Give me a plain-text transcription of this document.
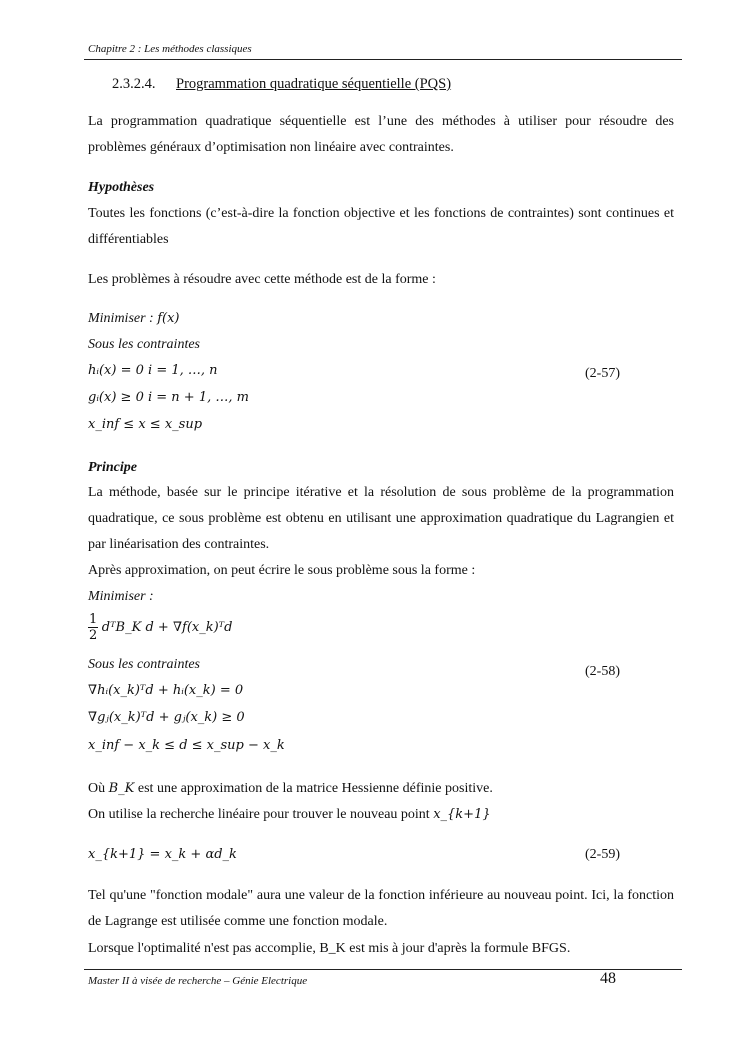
Chapitre 2 : Les méthodes classiques
2.3.2.4. Programmation quadratique séquentielle (PQS)
La programmation quadratique séquentielle est l’une des méthodes à utiliser pour résoudre des problèmes généraux d’optimisation non linéaire avec contraintes.
Hypothèses
Toutes les fonctions (c’est-à-dire la fonction objective et les fonctions de contraintes) sont continues et différentiables
Les problèmes à résoudre avec cette méthode est de la forme :
Minimiser : f(x)
Sous les contraintes
hᵢ(x) = 0 i = 1, …, n	(2-57)
gᵢ(x) ≥ 0 i = n + 1, …, m
x_inf ≤ x ≤ x_sup
Principe
La méthode, basée sur le principe itérative et la résolution de sous problème de la programmation quadratique, ce sous problème est obtenu en utilisant une approximation quadratique du Lagrangien et par linéarisation des contraintes.
Après approximation, on peut écrire le sous problème sous la forme :
Minimiser :
$\frac{1}{2}$ dᵀB_K d + ∇f(x_k)ᵀd
Sous les contraintes	(2-58)
∇hᵢ(x_k)ᵀd + hᵢ(x_k) = 0
∇gⱼ(x_k)ᵀd + gⱼ(x_k) ≥ 0
x_inf − x_k ≤ d ≤ x_sup − x_k
Où B_K est une approximation de la matrice Hessienne définie positive.
On utilise la recherche linéaire pour trouver le nouveau point x_{k+1}
x_{k+1} = x_k + αd_k	(2-59)
Tel qu'une "fonction modale" aura une valeur de la fonction inférieure au nouveau point. Ici, la fonction de Lagrange est utilisée comme une fonction modale.
Lorsque l'optimalité n'est pas accomplie, B_K est mis à jour d'après la formule BFGS.
Master II à visée de recherche – Génie Electrique	48
